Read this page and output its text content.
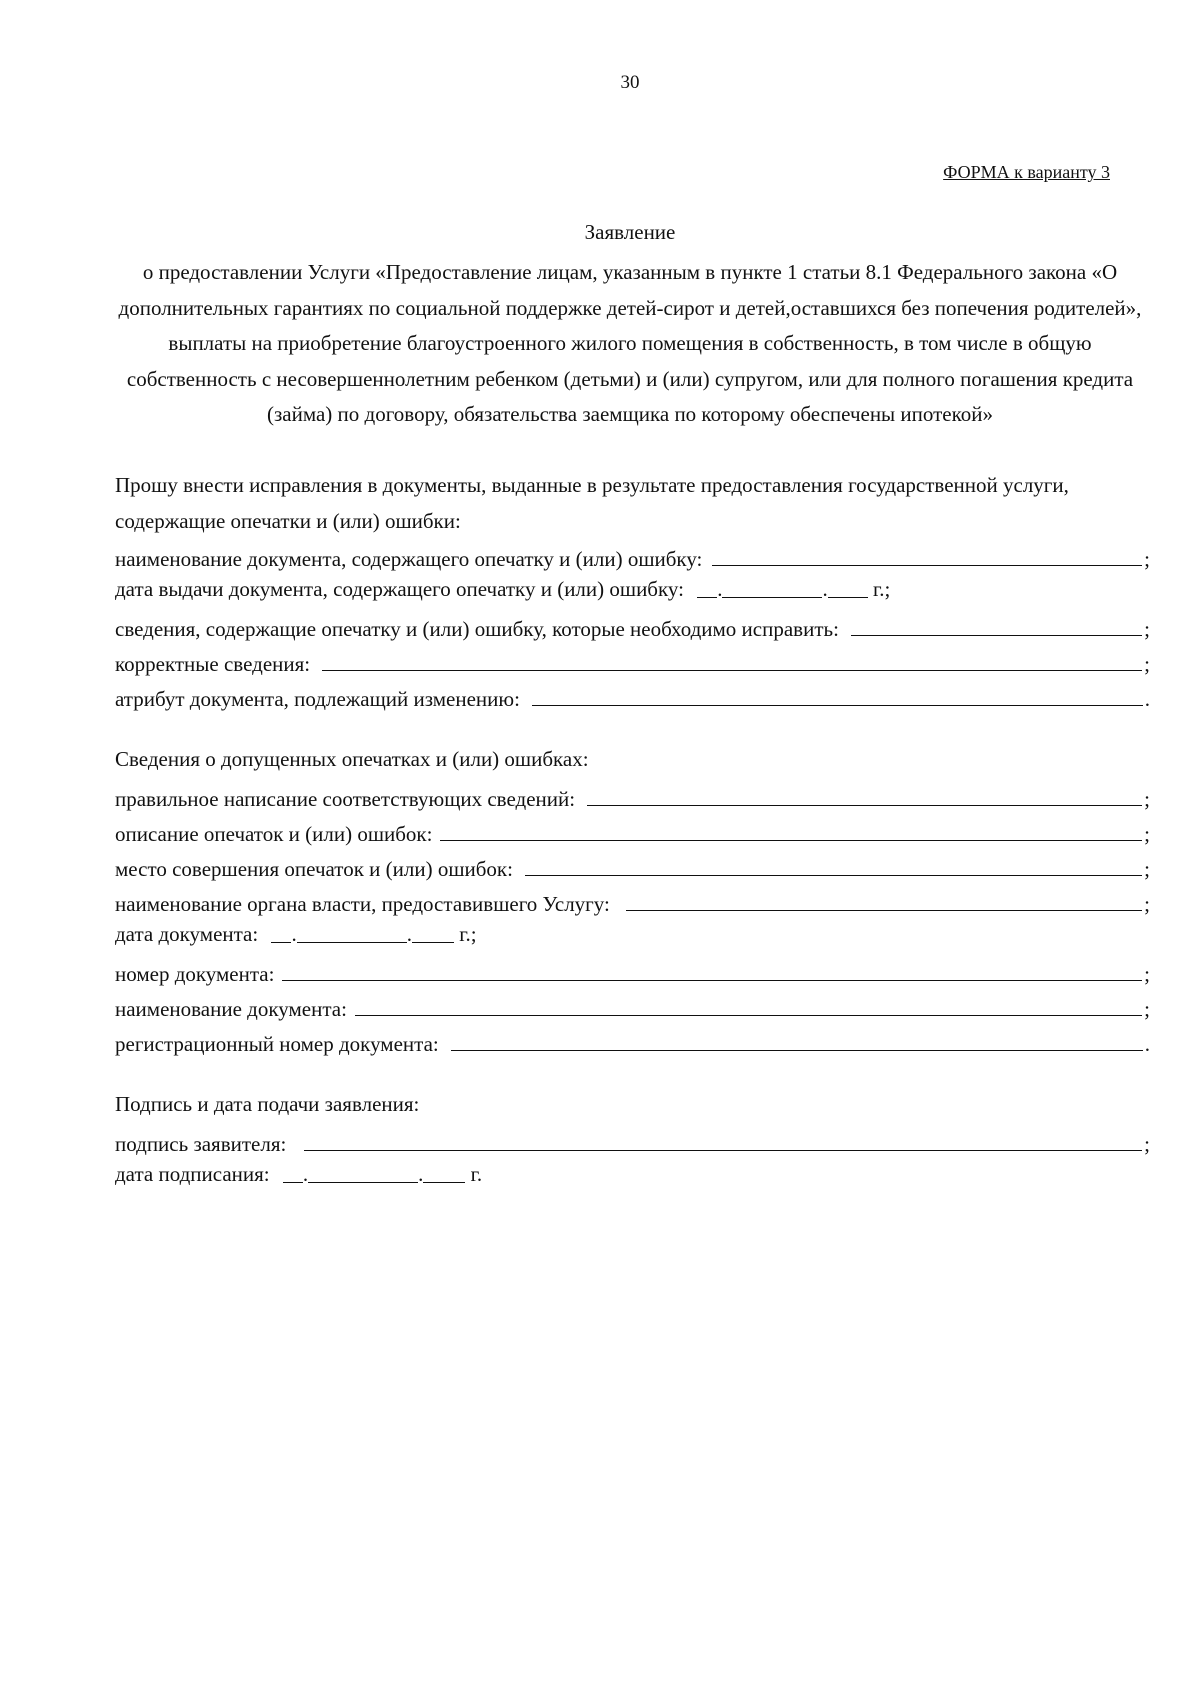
30
ФОРМА к варианту 3
Заявление
о предоставлении Услуги «Предоставление лицам, указанным в пункте 1 статьи 8.1 Федерального закона «О дополнительных гарантиях по социальной поддержке детей-сирот и детей,оставшихся без попечения родителей», выплаты на приобретение благоустроенного жилого помещения в собственность, в том числе в общую собственность с несовершеннолетним ребенком (детьми) и (или) супругом, или для полного погашения кредита (займа) по договору, обязательства заемщика по которому обеспечены ипотекой»
Прошу внести исправления в документы, выданные в результате предоставления государственной услуги, содержащие опечатки и (или) ошибки:
наименование документа, содержащего опечатку и (или) ошибку:	;
дата выдачи документа, содержащего опечатку и (или) ошибку: .	. г.;
сведения, содержащие опечатку и (или) ошибку, которые необходимо исправить:	;
корректные сведения:	;
атрибут документа, подлежащий изменению:	.
Сведения о допущенных опечатках и (или) ошибках:
правильное написание соответствующих сведений:	;
описание опечаток и (или) ошибок:	;
место совершения опечаток и (или) ошибок:	;
наименование органа власти, предоставившего Услугу:	;
дата документа: .	. г.;
номер документа:	;
наименование документа:	;
регистрационный номер документа:	.
Подпись и дата подачи заявления:
подпись заявителя:	;
дата подписания: .	. г.
